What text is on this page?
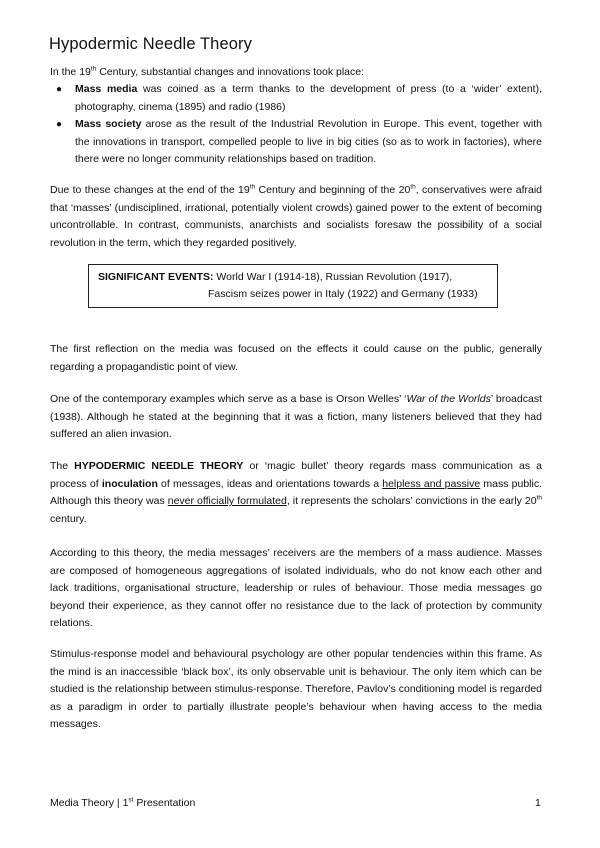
Hypodermic Needle Theory

In the 19th Century, substantial changes and innovations took place:

● Mass media was coined as a term thanks to the development of press (to a ‘wider’ extent), photography, cinema (1895) and radio (1986)
● Mass society arose as the result of the Industrial Revolution in Europe. This event, together with the innovations in transport, compelled people to live in big cities (so as to work in factories), where there were no longer community relationships based on tradition.

Due to these changes at the end of the 19th Century and beginning of the 20th, conservatives were afraid that ‘masses’ (undisciplined, irrational, potentially violent crowds) gained power to the extent of becoming uncontrollable. In contrast, communists, anarchists and socialists foresaw the possibility of a social revolution in the term, which they regarded positively.

SIGNIFICANT EVENTS: World War I (1914-18), Russian Revolution (1917),
Fascism seizes power in Italy (1922) and Germany (1933)

The first reflection on the media was focused on the effects it could cause on the public, generally regarding a propagandistic point of view.

One of the contemporary examples which serve as a base is Orson Welles’ ‘War of the Worlds’ broadcast (1938). Although he stated at the beginning that it was a fiction, many listeners believed that they had suffered an alien invasion.

The HYPODERMIC NEEDLE THEORY or ‘magic bullet’ theory regards mass communication as a process of inoculation of messages, ideas and orientations towards a helpless and passive mass public. Although this theory was never officially formulated, it represents the scholars’ convictions in the early 20th century.

According to this theory, the media messages’ receivers are the members of a mass audience. Masses are composed of homogeneous aggregations of isolated individuals, who do not know each other and lack traditions, organisational structure, leadership or rules of behaviour. Those media messages go beyond their experience, as they cannot offer no resistance due to the lack of protection by community relations.

Stimulus-response model and behavioural psychology are other popular tendencies within this frame. As the mind is an inaccessible ‘black box’, its only observable unit is behaviour. The only item which can be studied is the relationship between stimulus-response. Therefore, Pavlov’s conditioning model is regarded as a paradigm in order to partially illustrate people’s behaviour when having access to the media messages.

Media Theory | 1st Presentation	1
